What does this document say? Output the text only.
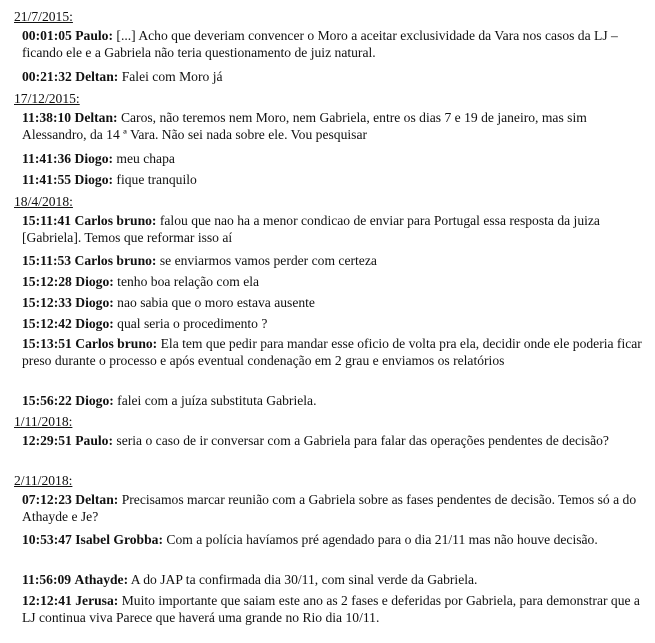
21/7/2015:
00:01:05 Paulo: [...] Acho que deveriam convencer o Moro a aceitar exclusividade da Vara nos casos da LJ – ficando ele e a Gabriela não teria questionamento de juiz natural.
00:21:32 Deltan: Falei com Moro já
17/12/2015:
11:38:10 Deltan: Caros, não teremos nem Moro, nem Gabriela, entre os dias 7 e 19 de janeiro, mas sim Alessandro, da 14 ª Vara. Não sei nada sobre ele. Vou pesquisar
11:41:36 Diogo: meu chapa
11:41:55 Diogo: fique tranquilo
18/4/2018:
15:11:41 Carlos bruno: falou que nao ha a menor condicao de enviar para Portugal essa resposta da juiza [Gabriela]. Temos que reformar isso aí
15:11:53 Carlos bruno: se enviarmos vamos perder com certeza
15:12:28 Diogo: tenho boa relação com ela
15:12:33 Diogo: nao sabia que o moro estava ausente
15:12:42 Diogo: qual seria o procedimento ?
15:13:51 Carlos bruno: Ela tem que pedir para mandar esse oficio de volta pra ela, decidir onde ele poderia ficar preso durante o processo e após eventual condenação em 2 grau e enviamos os relatórios
15:56:22 Diogo: falei com a juíza substituta Gabriela.
1/11/2018:
12:29:51 Paulo: seria o caso de ir conversar com a Gabriela para falar das operações pendentes de decisão?
2/11/2018:
07:12:23 Deltan: Precisamos marcar reunião com a Gabriela sobre as fases pendentes de decisão. Temos só a do Athayde e Je?
10:53:47 Isabel Grobba: Com a polícia havíamos pré agendado para o dia 21/11 mas não houve decisão.
11:56:09 Athayde: A do JAP ta confirmada dia 30/11, com sinal verde da Gabriela.
12:12:41 Jerusa: Muito importante que saiam este ano as 2 fases e deferidas por Gabriela, para demonstrar que a LJ continua viva Parece que haverá uma grande no Rio dia 10/11.
